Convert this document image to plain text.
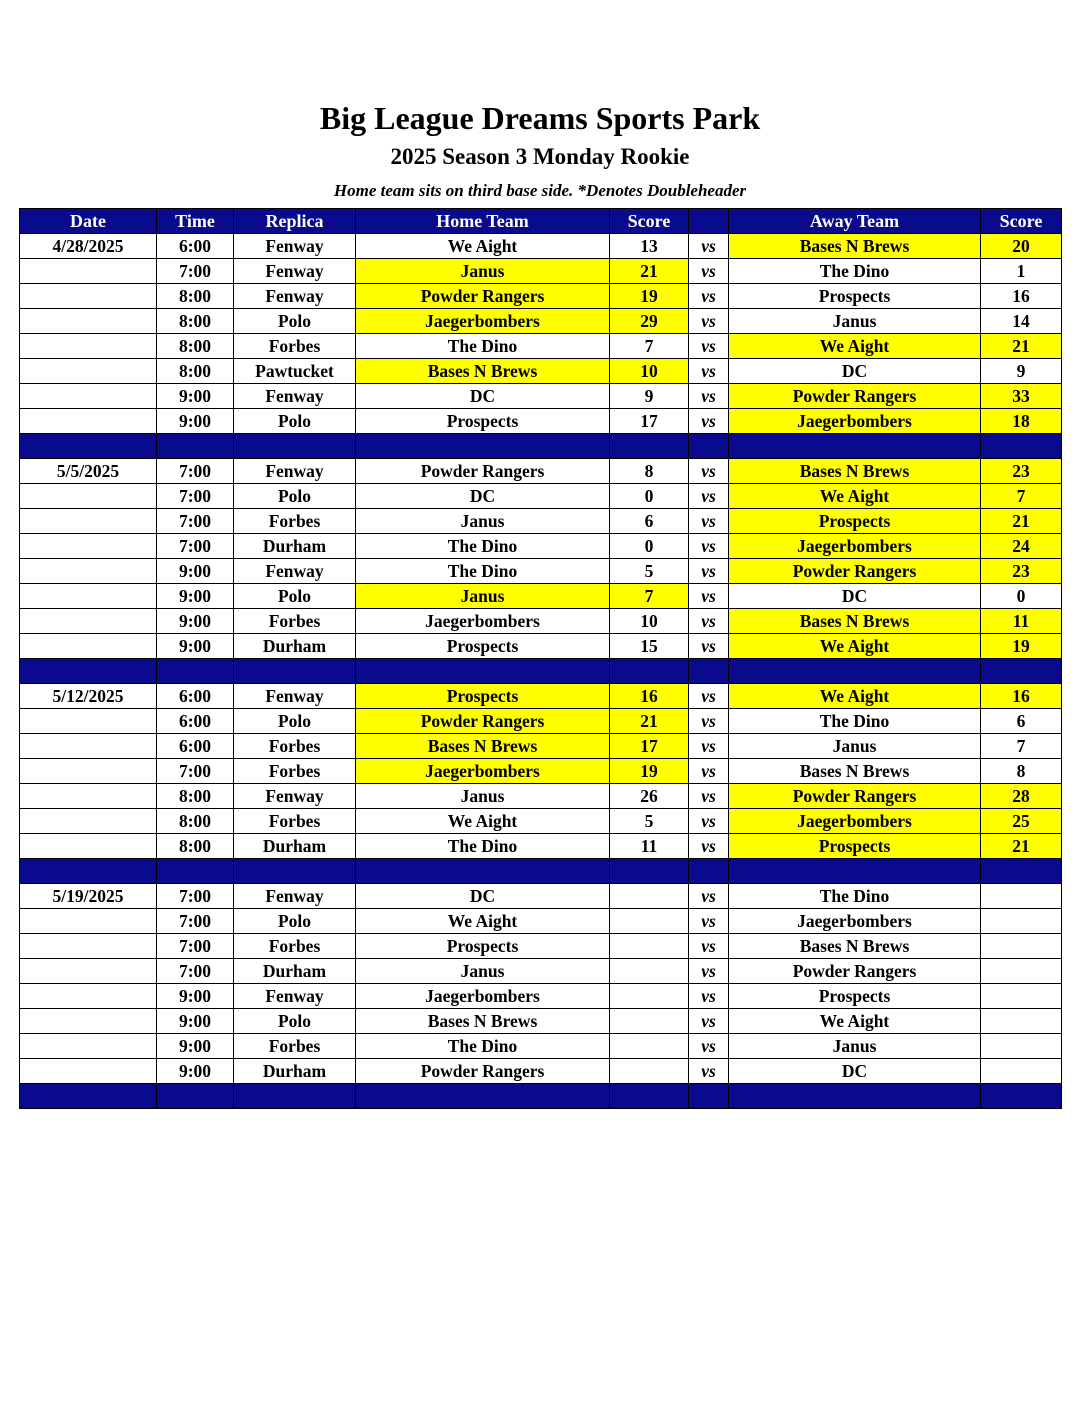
Big League Dreams Sports Park
2025 Season 3 Monday Rookie
Home team sits on third base side. *Denotes Doubleheader
Date	Time	Replica	Home Team	Score		Away Team	Score
4/28/2025	6:00	Fenway	We Aight	13	vs	Bases N Brews	20
	7:00	Fenway	Janus	21	vs	The Dino	1
	8:00	Fenway	Powder Rangers	19	vs	Prospects	16
	8:00	Polo	Jaegerbombers	29	vs	Janus	14
	8:00	Forbes	The Dino	7	vs	We Aight	21
	8:00	Pawtucket	Bases N Brews	10	vs	DC	9
	9:00	Fenway	DC	9	vs	Powder Rangers	33
	9:00	Polo	Prospects	17	vs	Jaegerbombers	18

5/5/2025	7:00	Fenway	Powder Rangers	8	vs	Bases N Brews	23
	7:00	Polo	DC	0	vs	We Aight	7
	7:00	Forbes	Janus	6	vs	Prospects	21
	7:00	Durham	The Dino	0	vs	Jaegerbombers	24
	9:00	Fenway	The Dino	5	vs	Powder Rangers	23
	9:00	Polo	Janus	7	vs	DC	0
	9:00	Forbes	Jaegerbombers	10	vs	Bases N Brews	11
	9:00	Durham	Prospects	15	vs	We Aight	19

5/12/2025	6:00	Fenway	Prospects	16	vs	We Aight	16
	6:00	Polo	Powder Rangers	21	vs	The Dino	6
	6:00	Forbes	Bases N Brews	17	vs	Janus	7
	7:00	Forbes	Jaegerbombers	19	vs	Bases N Brews	8
	8:00	Fenway	Janus	26	vs	Powder Rangers	28
	8:00	Forbes	We Aight	5	vs	Jaegerbombers	25
	8:00	Durham	The Dino	11	vs	Prospects	21

5/19/2025	7:00	Fenway	DC		vs	The Dino	
	7:00	Polo	We Aight		vs	Jaegerbombers	
	7:00	Forbes	Prospects		vs	Bases N Brews	
	7:00	Durham	Janus		vs	Powder Rangers	
	9:00	Fenway	Jaegerbombers		vs	Prospects	
	9:00	Polo	Bases N Brews		vs	We Aight	
	9:00	Forbes	The Dino		vs	Janus	
	9:00	Durham	Powder Rangers		vs	DC	
